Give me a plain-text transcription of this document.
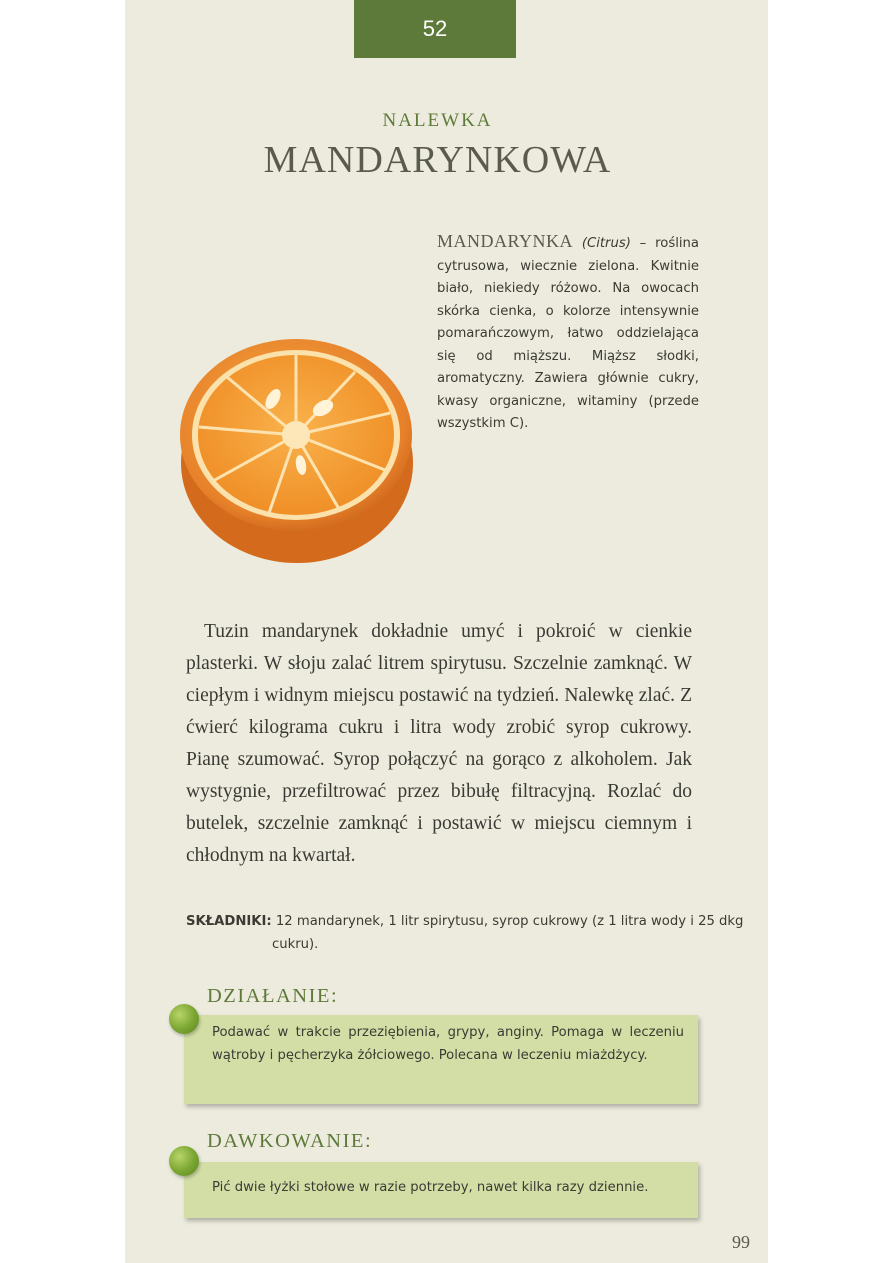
52
NALEWKA
MANDARYNKOWA
MANDARYNKA (Citrus) – roślina cytrusowa, wiecznie zielona. Kwitnie biało, niekiedy różowo. Na owocach skórka cienka, o kolorze intensywnie pomarańczowym, łatwo oddzielająca się od miąższu. Miąższ słodki, aromatyczny. Zawiera głównie cukry, kwasy organiczne, witaminy (przede wszystkim C).
Tuzin mandarynek dokładnie umyć i pokroić w cienkie plasterki. W słoju zalać litrem spirytusu. Szczelnie zamknąć. W ciepłym i widnym miejscu postawić na tydzień. Nalewkę zlać. Z ćwierć kilograma cukru i litra wody zrobić syrop cukrowy. Pianę szumować. Syrop połączyć na gorąco z alkoholem. Jak wystygnie, przefiltrować przez bibułę filtracyjną. Rozlać do butelek, szczelnie zamknąć i postawić w miejscu ciemnym i chłodnym na kwartał.
SKŁADNIKI: 12 mandarynek, 1 litr spirytusu, syrop cukrowy (z 1 litra wody i 25 dkg cukru).
DZIAŁANIE:
Podawać w trakcie przeziębienia, grypy, anginy. Pomaga w leczeniu wątroby i pęcherzyka żółciowego. Polecana w leczeniu miażdżycy.
DAWKOWANIE:
Pić dwie łyżki stołowe w razie potrzeby, nawet kilka razy dziennie.
99
